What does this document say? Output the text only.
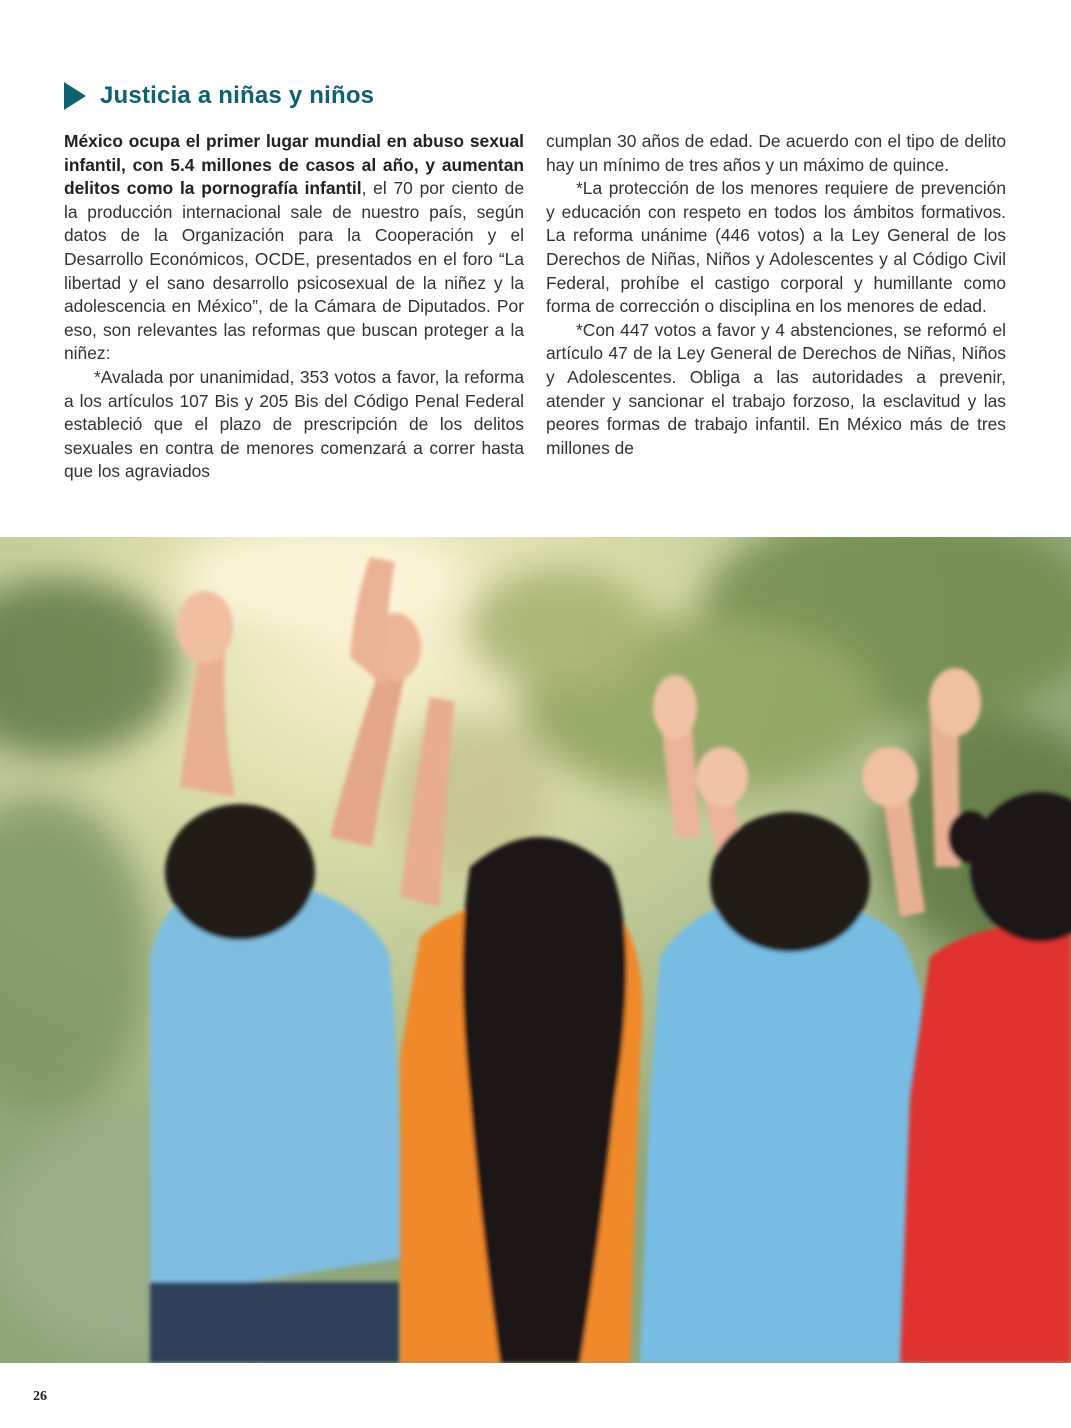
Justicia a niñas y niños

México ocupa el primer lugar mundial en abuso sexual infantil, con 5.4 millones de casos al año, y aumentan delitos como la pornografía infantil, el 70 por ciento de la producción internacional sale de nuestro país, según datos de la Organización para la Cooperación y el Desarrollo Económicos, OCDE, presentados en el foro “La libertad y el sano desarrollo psicosexual de la niñez y la adolescencia en México”, de la Cámara de Diputados. Por eso, son relevantes las reformas que buscan proteger a la niñez:

*Avalada por unanimidad, 353 votos a favor, la reforma a los artículos 107 Bis y 205 Bis del Código Penal Federal estableció que el plazo de prescripción de los delitos sexuales en contra de menores comenzará a correr hasta que los agraviados

cumplan 30 años de edad. De acuerdo con el tipo de delito hay un mínimo de tres años y un máximo de quince.

*La protección de los menores requiere de prevención y educación con respeto en todos los ámbitos formativos. La reforma unánime (446 votos) a la Ley General de los Derechos de Niñas, Niños y Adolescentes y al Código Civil Federal, prohíbe el castigo corporal y humillante como forma de corrección o disciplina en los menores de edad.

*Con 447 votos a favor y 4 abstenciones, se reformó el artículo 47 de la Ley General de Derechos de Niñas, Niños y Adolescentes. Obliga a las autoridades a prevenir, atender y sancionar el trabajo forzoso, la esclavitud y las peores formas de trabajo infantil. En México más de tres millones de

26
